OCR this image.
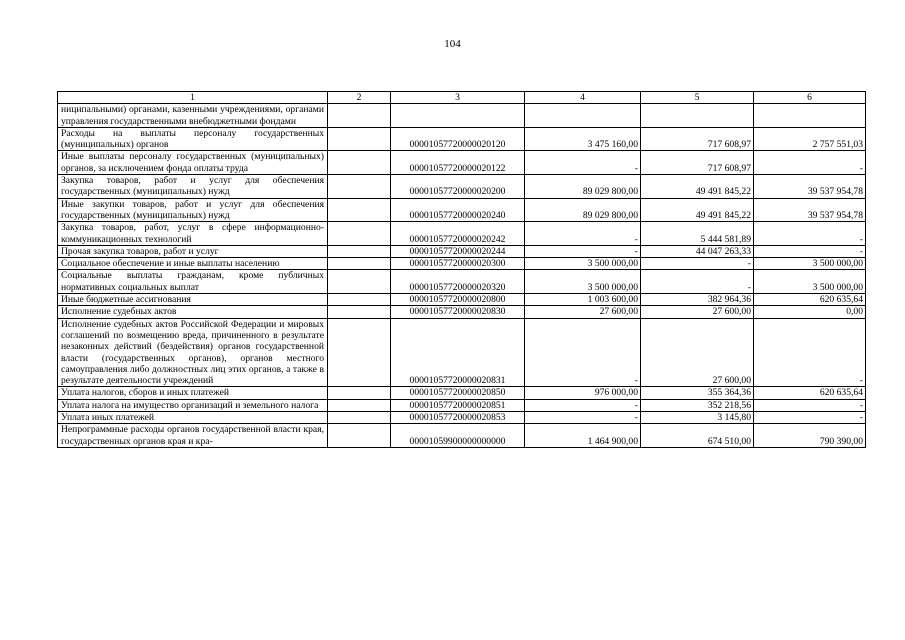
104
1	2	3	4	5	6
ниципальными) органами, казенными учреждениями, органами управления государственными внебюджетными фондами					
Расходы на выплаты персоналу государственных (муниципальных) органов		00001057720000020120	3 475 160,00	717 608,97	2 757 551,03
Иные выплаты персоналу государственных (муниципальных) органов, за исключением фонда оплаты труда		00001057720000020122	-	717 608,97	-
Закупка товаров, работ и услуг для обеспечения государственных (муниципальных) нужд		00001057720000020200	89 029 800,00	49 491 845,22	39 537 954,78
Иные закупки товаров, работ и услуг для обеспечения государственных (муниципальных) нужд		00001057720000020240	89 029 800,00	49 491 845,22	39 537 954,78
Закупка товаров, работ, услуг в сфере информационно-коммуникационных технологий		00001057720000020242	-	5 444 581,89	-
Прочая закупка товаров, работ и услуг		00001057720000020244	-	44 047 263,33	-
Социальное обеспечение и иные выплаты населению		00001057720000020300	3 500 000,00	-	3 500 000,00
Социальные выплаты гражданам, кроме публичных нормативных социальных выплат		00001057720000020320	3 500 000,00	-	3 500 000,00
Иные бюджетные ассигнования		00001057720000020800	1 003 600,00	382 964,36	620 635,64
Исполнение судебных актов		00001057720000020830	27 600,00	27 600,00	0,00
Исполнение судебных актов Российской Федерации и мировых соглашений по возмещению вреда, причиненного в результате незаконных действий (бездействия) органов государственной власти (государственных органов), органов местного самоуправления либо должностных лиц этих органов, а также в результате деятельности учреждений		00001057720000020831	-	27 600,00	-
Уплата налогов, сборов и иных платежей		00001057720000020850	976 000,00	355 364,36	620 635,64
Уплата налога на имущество организаций и земельного налога		00001057720000020851	-	352 218,56	-
Уплата иных платежей		00001057720000020853	-	3 145,80	-
Непрограммные расходы органов государственной власти края, государственных органов края и кра-		00001059900000000000	1 464 900,00	674 510,00	790 390,00
